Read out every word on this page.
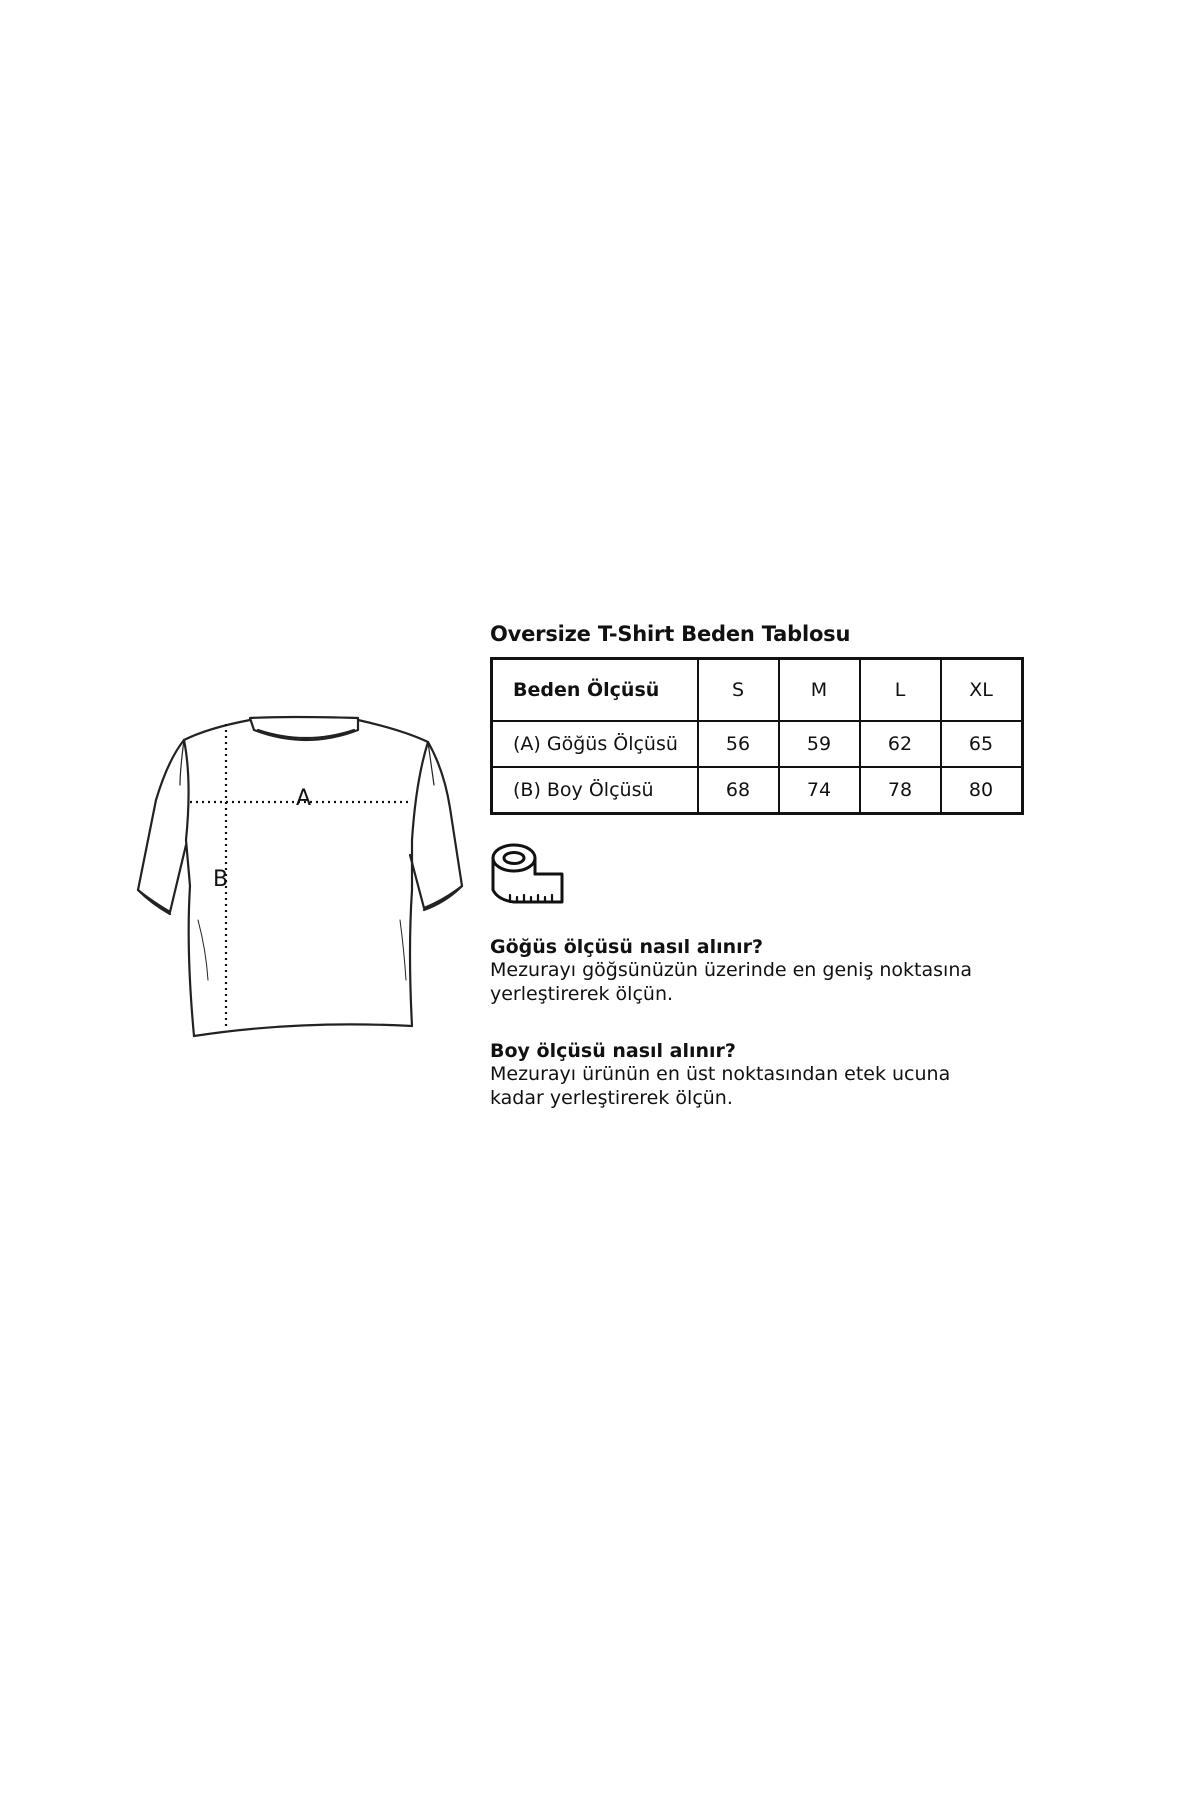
A
B
Oversize T-Shirt Beden Tablosu
Beden Ölçüsü	S	M	L	XL
(A) Göğüs Ölçüsü	56	59	62	65
(B) Boy Ölçüsü	68	74	78	80
Göğüs ölçüsü nasıl alınır?
Mezurayı göğsünüzün üzerinde en geniş noktasına yerleştirerek ölçün.
Boy ölçüsü nasıl alınır?
Mezurayı ürünün en üst noktasından etek ucuna kadar yerleştirerek ölçün.
